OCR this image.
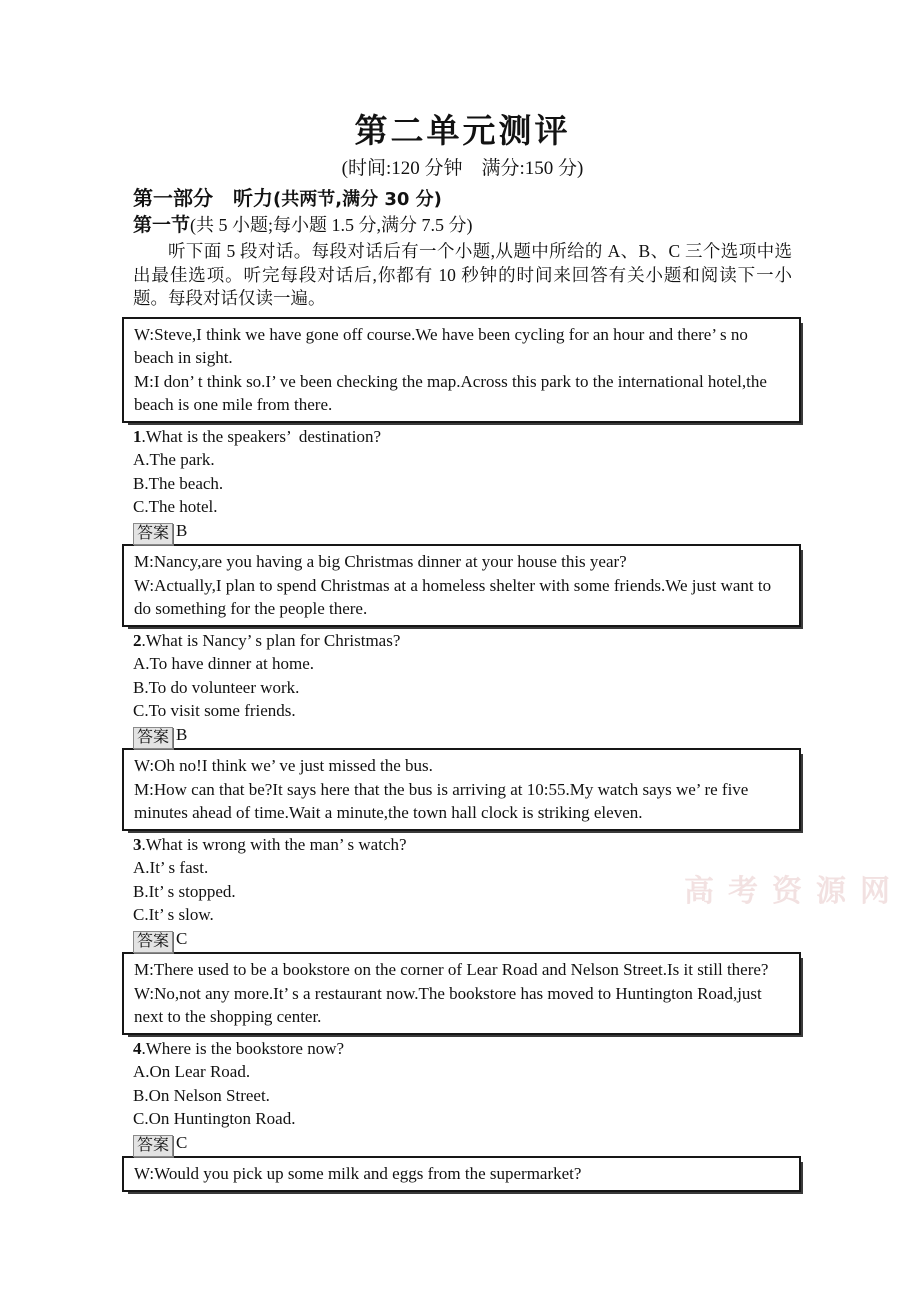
高考资源网
第二单元测评
(时间:120 分钟　满分:150 分)
第一部分　听力(共两节,满分 30 分)
第一节(共 5 小题;每小题 1.5 分,满分 7.5 分)

听下面 5 段对话。每段对话后有一个小题,从题中所给的 A、B、C 三个选项中选出最佳选项。听完每段对话后,你都有 10 秒钟的时间来回答有关小题和阅读下一小题。每段对话仅读一遍。

W:Steve,I think we have gone off course.We have been cycling for an hour and there’ s no beach in sight.

M:I don’ t think so.I’ ve been checking the map.Across this park to the international hotel,the beach is one mile from there.

1.What is the speakers’  destination?

A.The park.

B.The beach.

C.The hotel.

答案 B

M:Nancy,are you having a big Christmas dinner at your house this year?

W:Actually,I plan to spend Christmas at a homeless shelter with some friends.We just want to do something for the people there.

2.What is Nancy’ s plan for Christmas?

A.To have dinner at home.

B.To do volunteer work.

C.To visit some friends.

答案 B

W:Oh no!I think we’ ve just missed the bus.

M:How can that be?It says here that the bus is arriving at 10:55.My watch says we’ re five minutes ahead of time.Wait a minute,the town hall clock is striking eleven.

3.What is wrong with the man’ s watch?

A.It’ s fast.

B.It’ s stopped.

C.It’ s slow.

答案 C

M:There used to be a bookstore on the corner of Lear Road and Nelson Street.Is it still there?

W:No,not any more.It’ s a restaurant now.The bookstore has moved to Huntington Road,just next to the shopping center.

4.Where is the bookstore now?

A.On Lear Road.

B.On Nelson Street.

C.On Huntington Road.

答案 C

W:Would you pick up some milk and eggs from the supermarket?
